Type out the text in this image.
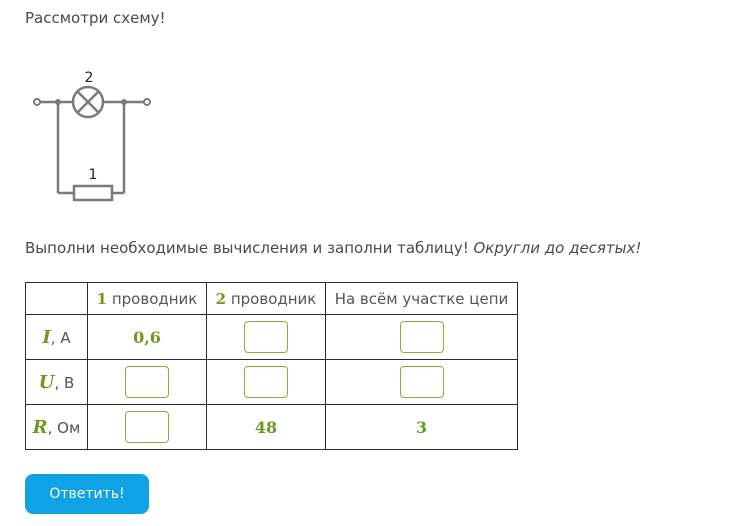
Рассмотри схему!
2
1
Выполни необходимые вычисления и заполни таблицу! Округли до десятых!
	1 проводник	2 проводник	На всём участке цепи
I, А	0,6		
U, В			
R, Ом		48	3
Ответить!
